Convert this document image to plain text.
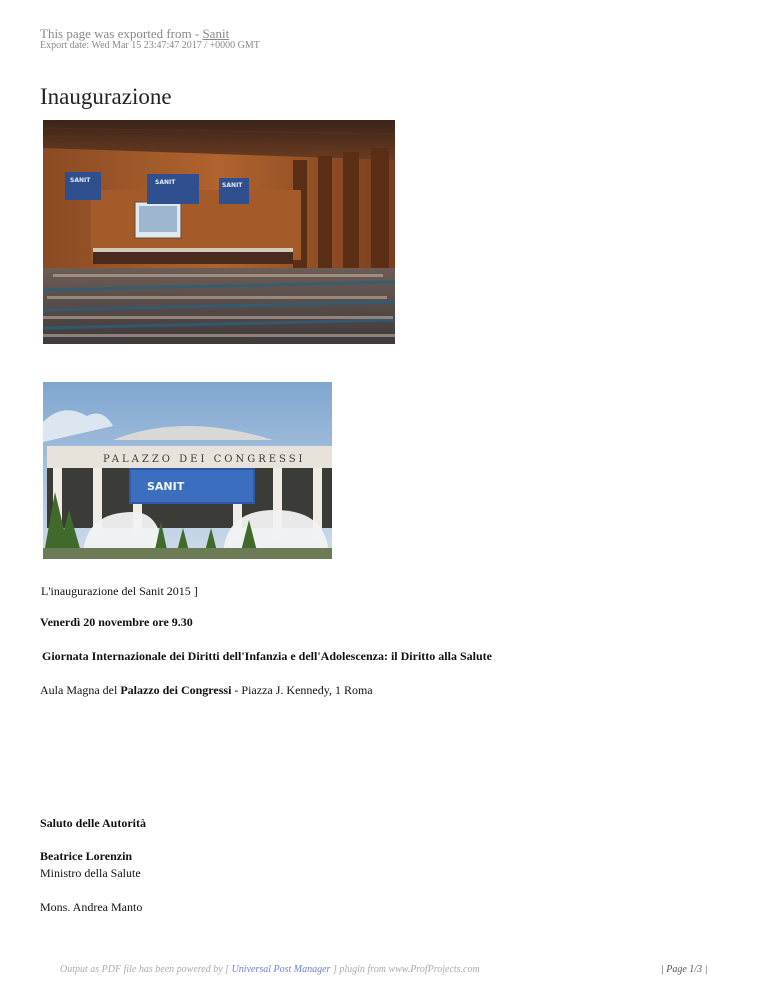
This page was exported from - Sanit
Export date: Wed Mar 15 23:47:47 2017 / +0000 GMT
Inaugurazione
SANIT	SANIT	SANIT
PALAZZO DEI CONGRESSI
SANIT
L'inaugurazione del Sanit 2015 ]
Venerdì 20 novembre ore 9.30
Giornata Internazionale dei Diritti dell'Infanzia e dell'Adolescenza: il Diritto alla Salute
Aula Magna del Palazzo dei Congressi - Piazza J. Kennedy, 1 Roma
Saluto delle Autorità
Beatrice Lorenzin
Ministro della Salute
Mons. Andrea Manto
Output as PDF file has been powered by [ Universal Post Manager ] plugin from www.ProfProjects.com	| Page 1/3 |
